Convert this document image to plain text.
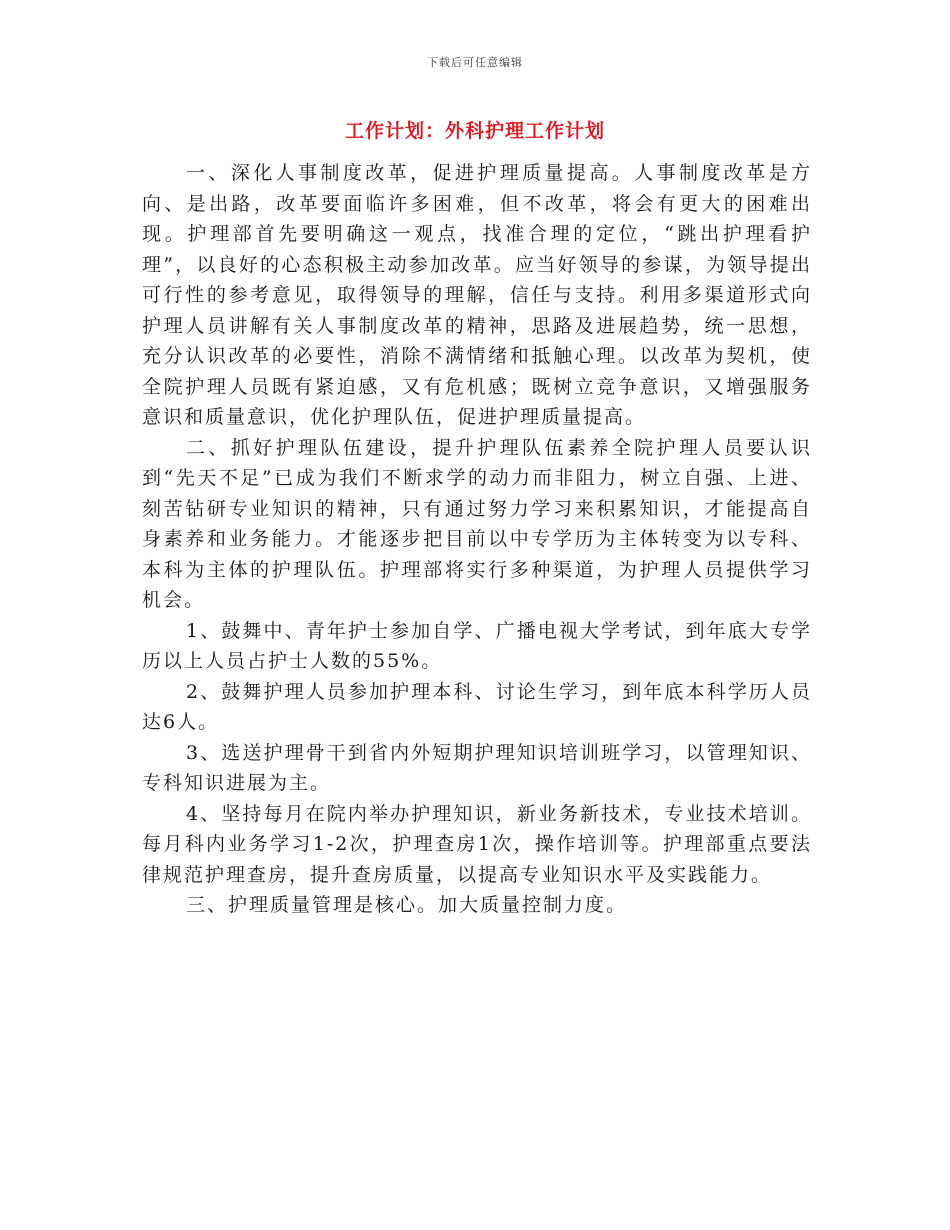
下载后可任意编辑
工作计划：外科护理工作计划

一、深化人事制度改革，促进护理质量提高。人事制度改革是方向、是出路，改革要面临许多困难，但不改革，将会有更大的困难出现。护理部首先要明确这一观点，找准合理的定位，“跳出护理看护理”，以良好的心态积极主动参加改革。应当好领导的参谋，为领导提出可行性的参考意见，取得领导的理解，信任与支持。利用多渠道形式向护理人员讲解有关人事制度改革的精神，思路及进展趋势，统一思想，充分认识改革的必要性，消除不满情绪和抵触心理。以改革为契机，使全院护理人员既有紧迫感，又有危机感；既树立竞争意识，又增强服务意识和质量意识，优化护理队伍，促进护理质量提高。

二、抓好护理队伍建设，提升护理队伍素养全院护理人员要认识到“先天不足”已成为我们不断求学的动力而非阻力，树立自强、上进、刻苦钻研专业知识的精神，只有通过努力学习来积累知识，才能提高自身素养和业务能力。才能逐步把目前以中专学历为主体转变为以专科、本科为主体的护理队伍。护理部将实行多种渠道，为护理人员提供学习机会。

1、鼓舞中、青年护士参加自学、广播电视大学考试，到年底大专学历以上人员占护士人数的55%。

2、鼓舞护理人员参加护理本科、讨论生学习，到年底本科学历人员达6人。

3、选送护理骨干到省内外短期护理知识培训班学习，以管理知识、专科知识进展为主。

4、坚持每月在院内举办护理知识，新业务新技术，专业技术培训。每月科内业务学习1-2次，护理查房1次，操作培训等。护理部重点要法律规范护理查房，提升查房质量，以提高专业知识水平及实践能力。

三、护理质量管理是核心。加大质量控制力度。
